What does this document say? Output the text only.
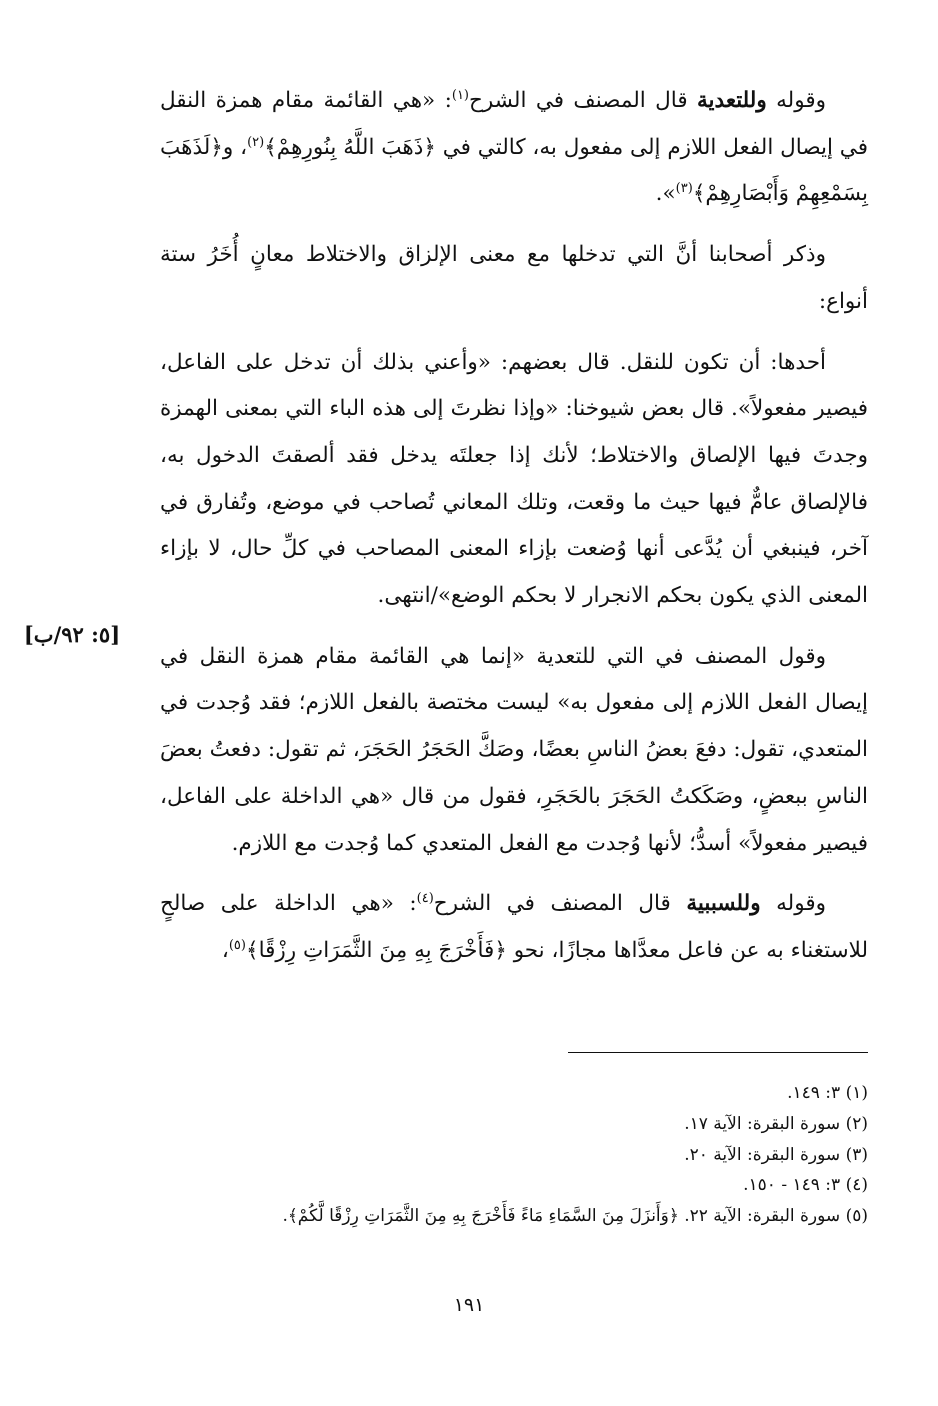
وقوله وللتعدية قال المصنف في الشرح$^{(١)}$: «هي القائمة مقام همزة النقل في إيصال الفعل اللازم إلى مفعول به، كالتي في ﴿ذَهَبَ اللَّهُ بِنُورِهِمْ﴾$^{(٢)}$، و﴿لَذَهَبَ بِسَمْعِهِمْ وَأَبْصَارِهِمْ﴾$^{(٣)}$».

وذكر أصحابنا أنَّ التي تدخلها مع معنى الإلزاق والاختلاط معانٍ أُخَرُ ستة أنواع:

أحدها: أن تكون للنقل. قال بعضهم: «وأعني بذلك أن تدخل على الفاعل، فيصير مفعولاً». قال بعض شيوخنا: «وإذا نظرتَ إلى هذه الباء التي بمعنى الهمزة وجدتَ فيها الإلصاق والاختلاط؛ لأنك إذا جعلتَه يدخل فقد ألصقتَ الدخول به، فالإلصاق عامٌّ فيها حيث ما وقعت، وتلك المعاني تُصاحب في موضع، وتُفارق في آخر، فينبغي أن يُدَّعى أنها وُضعت بإزاء المعنى المصاحب في كلِّ حال، لا بإزاء المعنى الذي يكون بحكم الانجرار لا بحكم الوضع»/انتهى.

وقول المصنف في التي للتعدية «إنما هي القائمة مقام همزة النقل في إيصال الفعل اللازم إلى مفعول به» ليست مختصة بالفعل اللازم؛ فقد وُجدت في المتعدي، تقول: دفعَ بعضُ الناسِ بعضًا، وصَكَّ الحَجَرُ الحَجَرَ، ثم تقول: دفعتُ بعضَ الناسِ ببعضٍ، وصَكَكتُ الحَجَرَ بالحَجَرِ، فقول من قال «هي الداخلة على الفاعل، فيصير مفعولاً» أسدُّ؛ لأنها وُجدت مع الفعل المتعدي كما وُجدت مع اللازم.

وقوله وللسببية قال المصنف في الشرح$^{(٤)}$: «هي الداخلة على صالحٍ للاستغناء به عن فاعل معدَّاها مجازًا، نحو ﴿فَأَخْرَجَ بِهِ مِنَ الثَّمَرَاتِ رِزْقًا﴾$^{(٥)}$،

[٥: ٩٢/ب]

(١) ٣: ١٤٩.

(٢) سورة البقرة: الآية ١٧.

(٣) سورة البقرة: الآية ٢٠.

(٤) ٣: ١٤٩ - ١٥٠.

(٥) سورة البقرة: الآية ٢٢. ﴿وَأَنزَلَ مِنَ السَّمَاءِ مَاءً فَأَخْرَجَ بِهِ مِنَ الثَّمَرَاتِ رِزْقًا لَّكُمْ﴾.

١٩١
